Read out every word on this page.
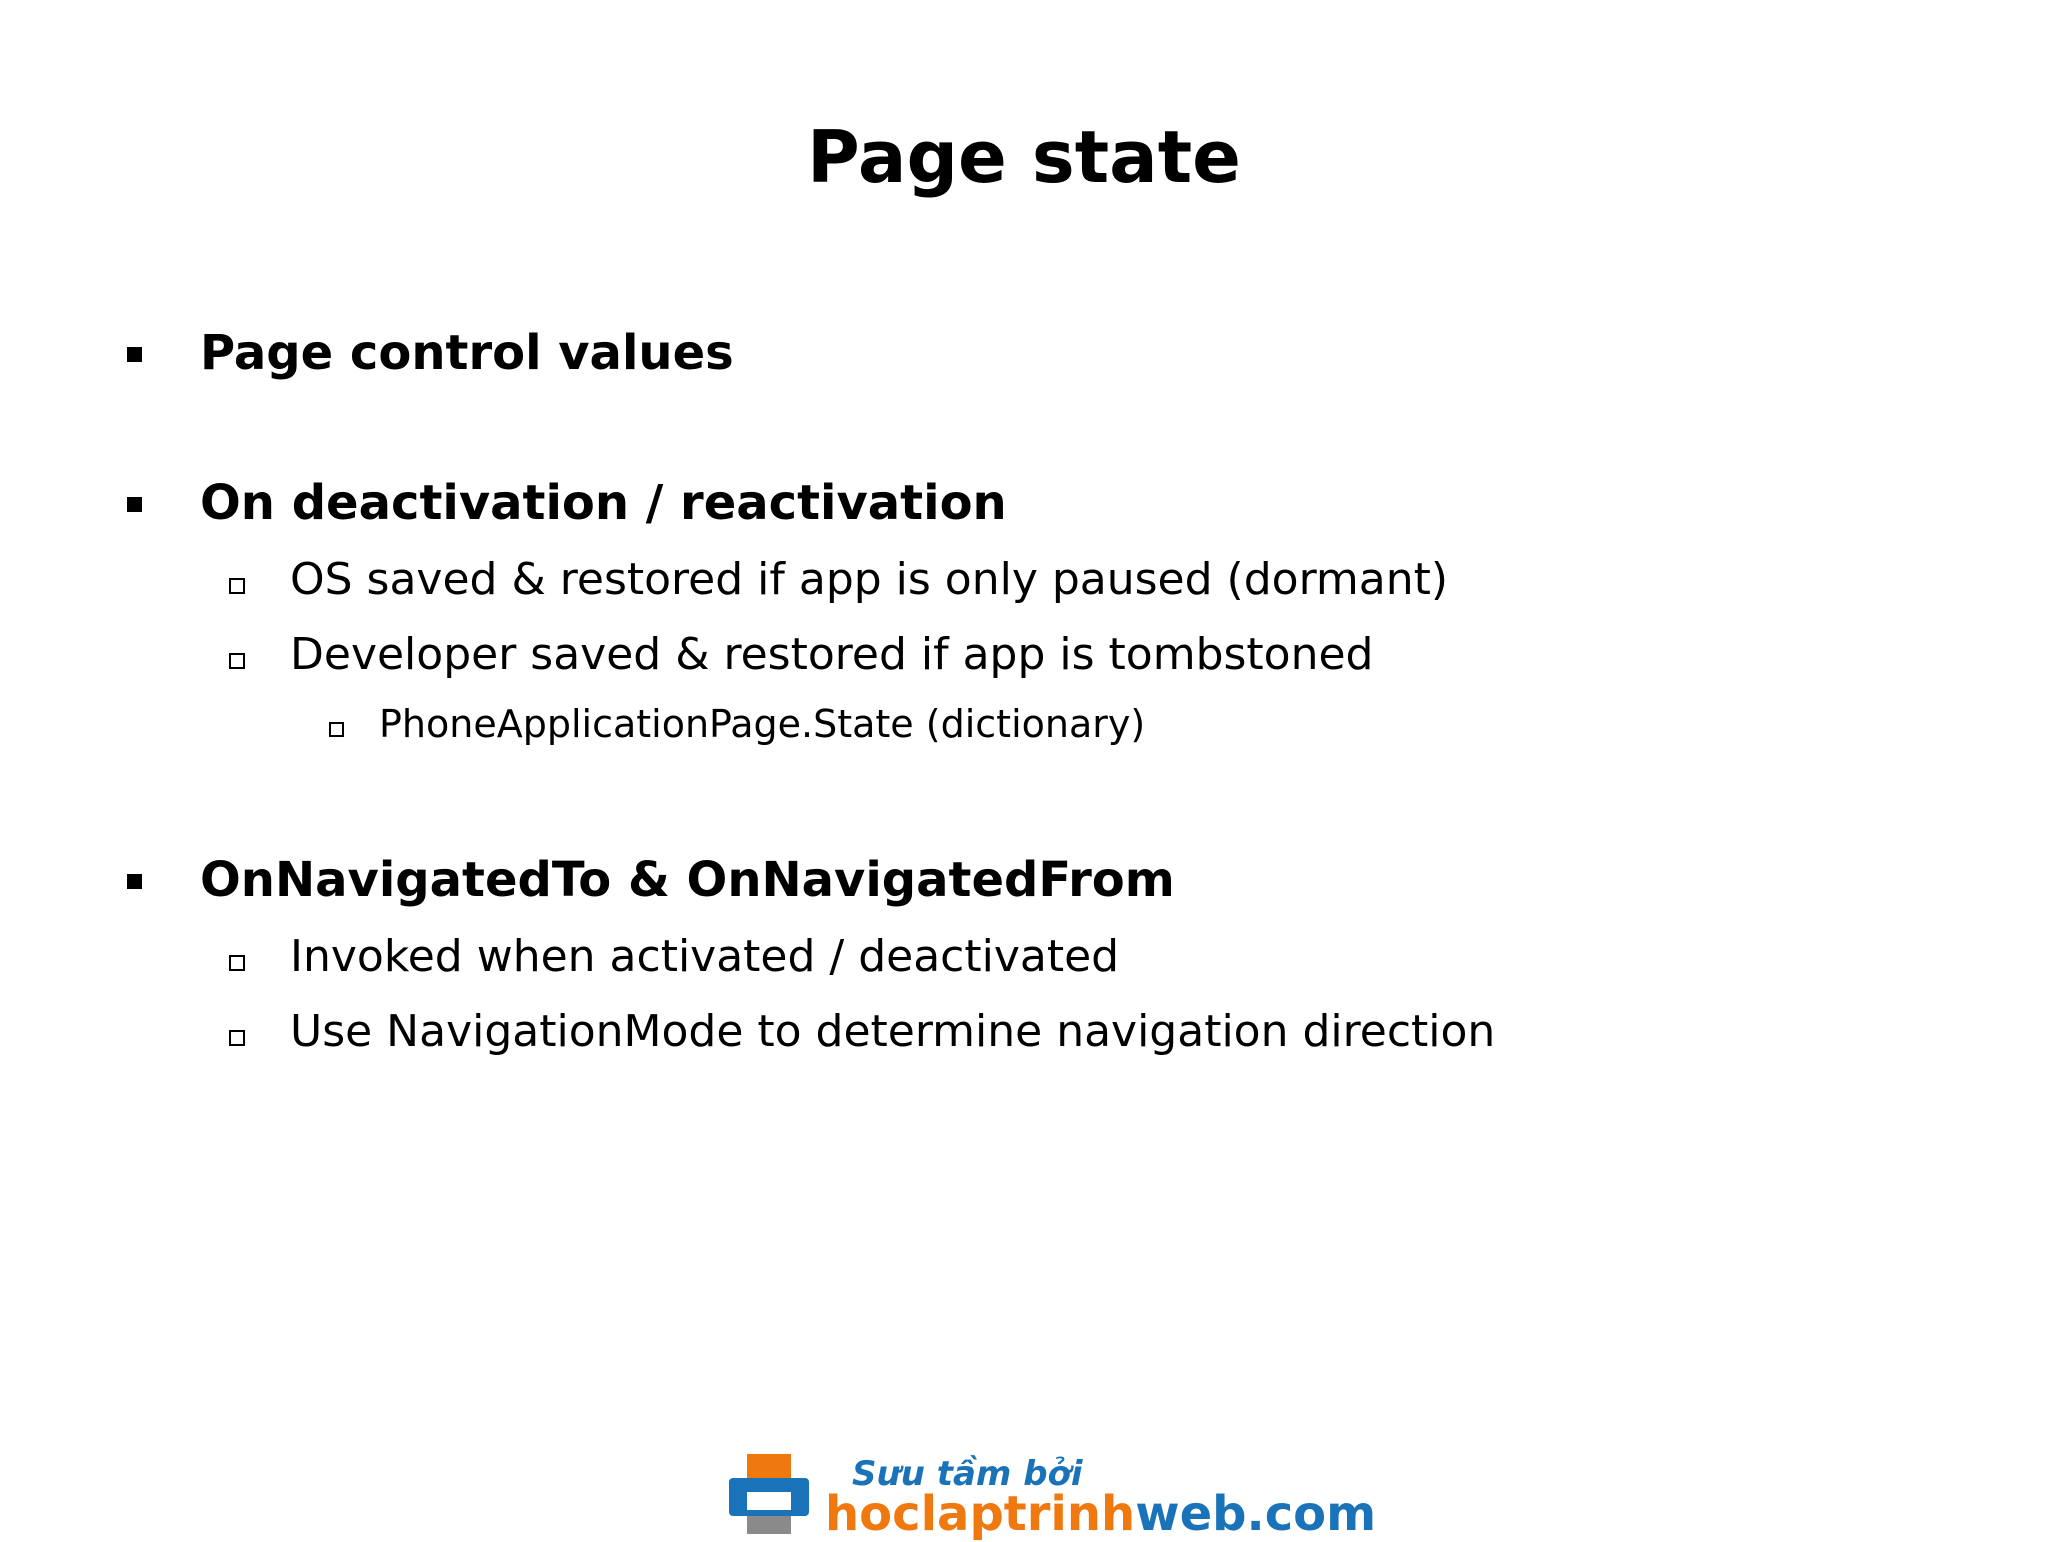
Page state
Page control values
On deactivation / reactivation
OS saved & restored if app is only paused (dormant)
Developer saved & restored if app is tombstoned
PhoneApplicationPage.State (dictionary)
OnNavigatedTo & OnNavigatedFrom
Invoked when activated / deactivated
Use NavigationMode to determine navigation direction
Sưu tầm bởi
hoclaptrinhweb.com
